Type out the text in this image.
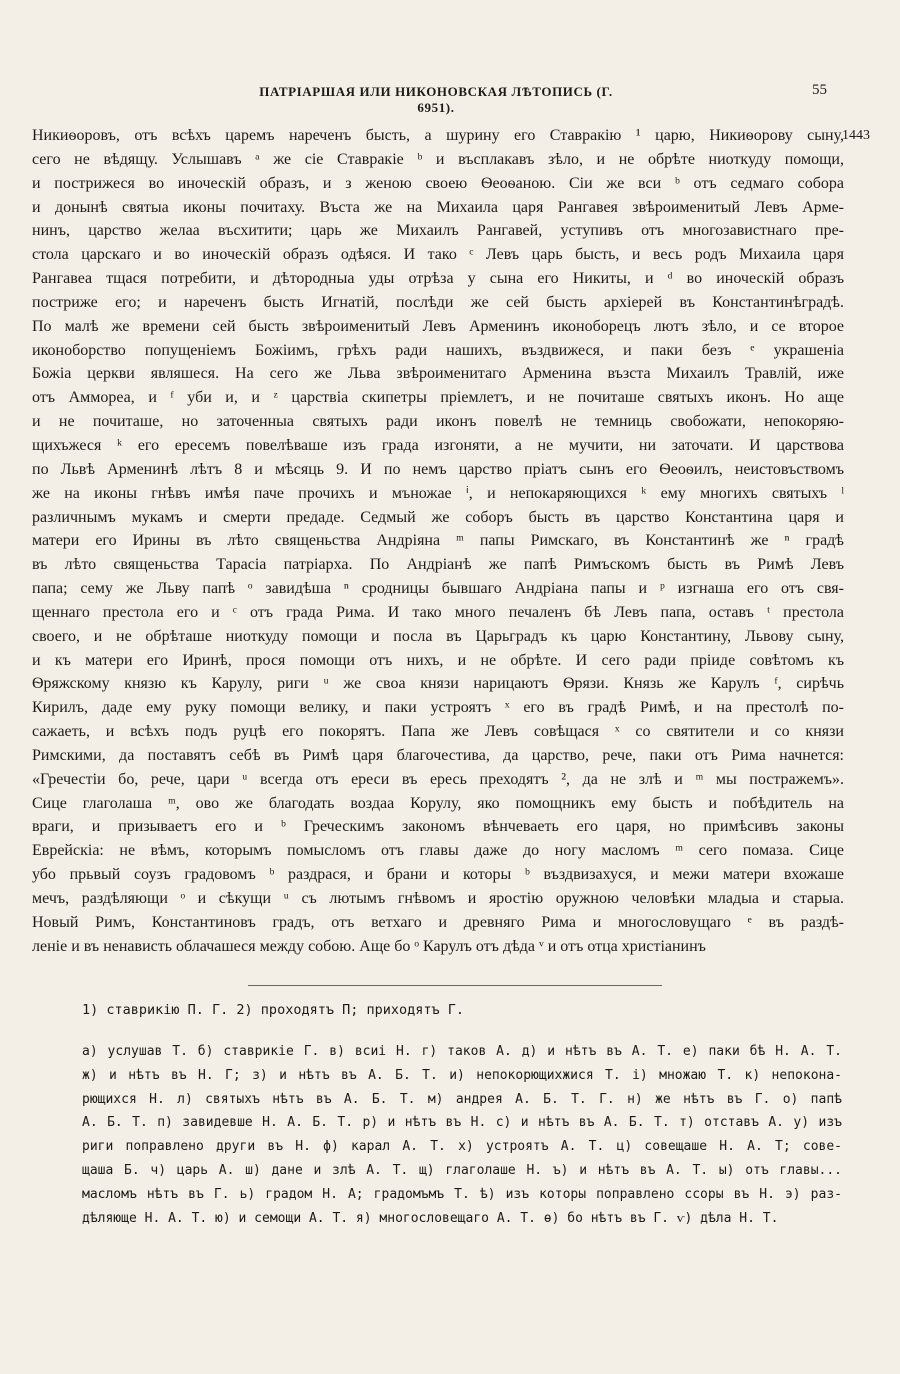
ПАТРІАРШАЯ ИЛИ НИКОНОВСКАЯ ЛѢТОПИСЬ (Г. 6951).
55
1443
Никиѳоровъ, отъ всѣхъ царемъ нареченъ бысть, а шурину его Ставракію ¹ царю, Никиѳорову сыну,
сего не вѣдящу. Услышавъ ᵃ же сіе Ставракіе ᵇ и въсплакавъ зѣло, и не обрѣте ниоткуду помощи,
и пострижеся во иноческій образъ, и з женою своею Ѳеоѳаною. Сіи же вси ᵇ отъ седмаго собора
и донынѣ святыа иконы почитаху. Въста же на Михаила царя Рангавея звѣроименитый Левъ Арме-
нинъ, царство желаа въсхитити; царь же Михаилъ Рангавей, уступивъ отъ многозавистнаго пре-
стола царскаго и во иноческій образъ одѣяся. И тако ᶜ Левъ царь бысть, и весь родъ Михаила царя
Рангавеа тщася потребити, и дѣтородныа уды отрѣза у сына его Никиты, и ᵈ во иноческій образъ
постриже его; и нареченъ бысть Игнатій, послѣди же сей бысть архіерей въ Константинѣградѣ.
По малѣ же времени сей бысть звѣроименитый Левъ Арменинъ иконоборецъ лютъ зѣло, и се второе
иконоборство попущеніемъ Божіимъ, грѣхъ ради нашихъ, въздвижеся, и паки безъ ᵉ украшеніа
Божіа церкви являшеся. На сего же Льва звѣроименитаго Арменина възста Михаилъ Травлій, иже
отъ Аммореа, и ᶠ уби и, и ᶻ царствіа скипетры пріемлетъ, и не почиташе святыхъ иконъ. Но аще
и не почиташе, но заточенныа святыхъ ради иконъ повелѣ не темниць свобожати, непокоряю-
щихъжеся ᵏ его ересемъ повелѣваше изъ града изгоняти, а не мучити, ни заточати. И царствова
по Львѣ Арменинѣ лѣтъ 8 и мѣсяць 9. И по немъ царство пріатъ сынъ его Ѳеоѳилъ, неистовъствомъ
же на иконы гнѣвъ имѣя паче прочихъ и мъножае ⁱ, и непокаряющихся ᵏ ему многихъ святыхъ ˡ
различнымъ мукамъ и смерти предаде. Седмый же соборъ бысть въ царство Константина царя и
матери его Ирины въ лѣто священьства Андріяна ᵐ папы Римскаго, въ Константинѣ же ⁿ градѣ
въ лѣто священьства Тарасіа патріарха. По Андріанѣ же папѣ Римъскомъ бысть въ Римѣ Левъ
папа; сему же Льву папѣ ᵒ завидѣша ⁿ сродницы бывшаго Андріана папы и ᵖ изгнаша его отъ свя-
щеннаго престола его и ᶜ отъ града Рима. И тако много печаленъ бѣ Левъ папа, оставъ ᵗ престола
своего, и не обрѣташе ниоткуду помощи и посла въ Царьградъ къ царю Константину, Львову сыну,
и къ матери его Иринѣ, прося помощи отъ нихъ, и не обрѣте. И сего ради пріиде совѣтомъ къ
Ѳряжскому князю къ Карулу, риги ᵘ же своа князи нарицаютъ Ѳрязи. Князь же Карулъ ᶠ, сирѣчь
Кирилъ, даде ему руку помощи велику, и паки устроятъ ˣ его въ градѣ Римѣ, и на престолѣ по-
сажаеть, и всѣхъ подъ руцѣ его покорятъ. Папа же Левъ совѣщася ˣ со святители и со князи
Римскими, да поставятъ себѣ въ Римѣ царя благочестива, да царство, рече, паки отъ Рима начнется:
«Гречестіи бо, рече, цари ᵘ всегда отъ ереси въ ересь преходятъ ², да не злѣ и ᵐ мы постражемъ».
Сице глаголаша ᵐ, ово же благодать воздаа Корулу, яко помощникъ ему бысть и побѣдитель на
враги, и призываетъ его и ᵇ Греческимъ закономъ вѣнчеваеть его царя, но примѣсивъ законы
Еврейскіа: не вѣмъ, которымъ помысломъ отъ главы даже до ногу масломъ ᵐ сего помаза. Сице
убо прьвый соузъ градовомъ ᵇ раздрася, и брани и которы ᵇ въздвизахуся, и межи матери вхожаше
мечъ, раздѣляющи ᵒ и сѣкущи ᵘ съ лютымъ гнѣвомъ и яростію оружною человѣки младыа и старыа.
Новый Римъ, Константиновъ градъ, отъ ветхаго и древняго Рима и многословущаго ᵉ въ раздѣ-
леніе и въ ненависть облачашеся между собою. Аще бо ᵒ Карулъ отъ дѣда ᵛ и отъ отца христіанинъ
1) ставрикію П. Г. 2) проходятъ П; приходятъ Г.
а) услушав Т. б) ставрикіе Г. в) всиі Н. г) таков А. д) и нѣтъ въ А. Т. е) паки бѣ Н. А. Т.
ж) и нѣтъ въ Н. Г; з) и нѣтъ въ А. Б. Т. и) непокорющихжися Т. і) множаю Т. к) непокона-
рющихся Н. л) святыхъ нѣтъ въ А. Б. Т. м) андрея А. Б. Т. Г. н) же нѣтъ въ Г. о) папѣ
А. Б. Т. п) завидевше Н. А. Б. Т. р) и нѣтъ въ Н. с) и нѣтъ въ А. Б. Т. т) отставъ А. у) изъ
риги поправлено други въ Н. ф) карал А. Т. х) устроятъ А. Т. ц) совещаше Н. А. Т; сове-
щаша Б. ч) царь А. ш) дане и злѣ А. Т. щ) глаголаше Н. ъ) и нѣтъ въ А. Т. ы) отъ главы...
масломъ нѣтъ въ Г. ь) градом Н. А; градомъмъ Т. ѣ) изъ которы поправлено ссоры въ Н. э) раз-
дѣляюще Н. А. Т. ю) и семощи А. Т. я) многословещаго А. Т. ѳ) бо нѣтъ въ Г. ѵ) дѣла Н. Т.
